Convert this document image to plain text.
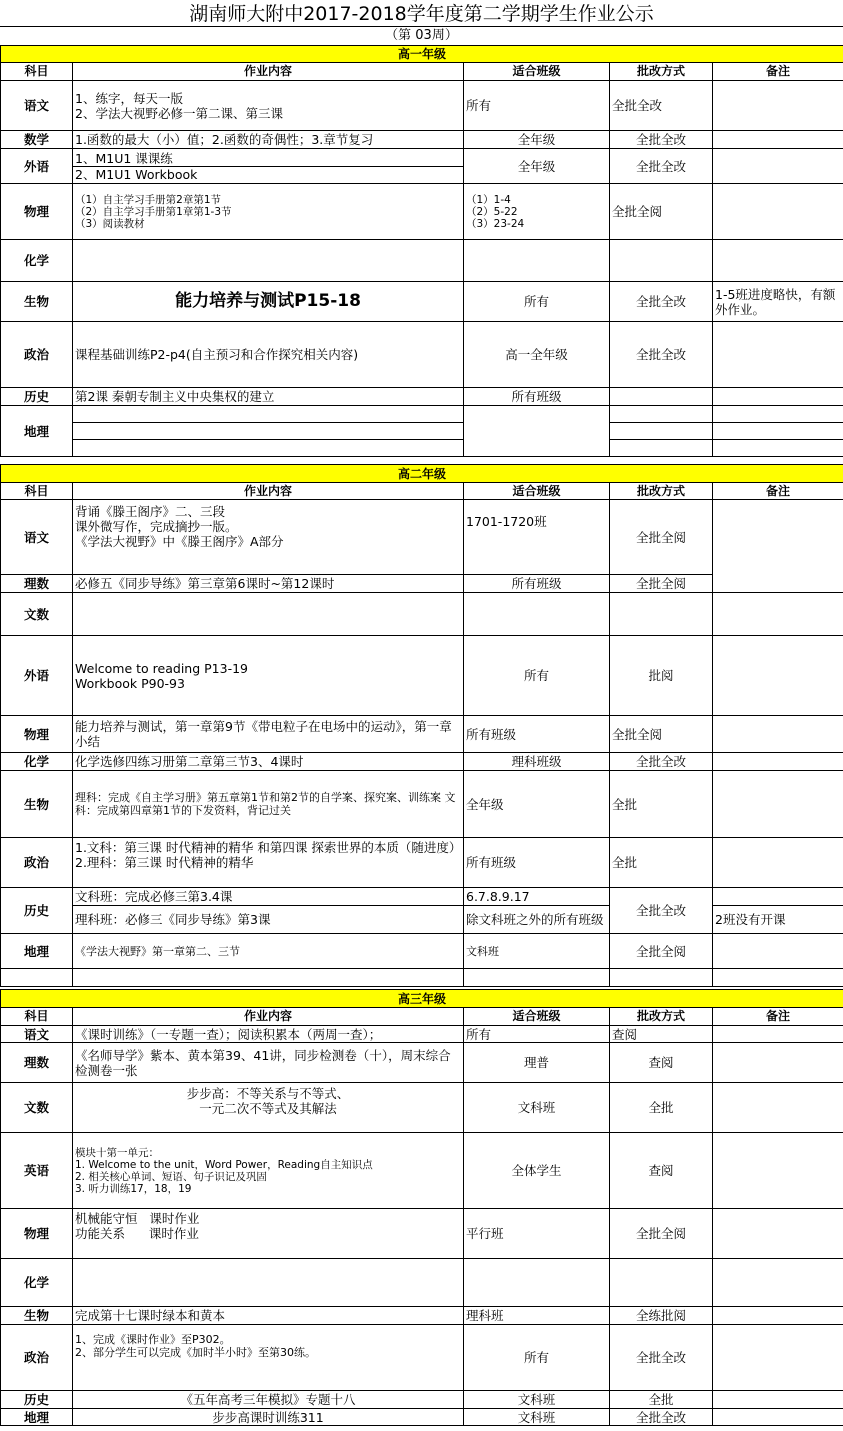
湖南师大附中2017-2018学年度第二学期学生作业公示
（第 03周）
高一年级				
科目	作业内容	适合班级	批改方式	备注
语文	1、练字，每天一版
2、学法大视野必修一第二课、第三课	所有	全批全改	
数学	1.函数的最大（小）值；2.函数的奇偶性；3.章节复习	全年级	全批全改	
外语	1、M1U1 课课练
2、M1U1 Workbook	全年级	全批全改	
物理	（1）自主学习手册第2章第1节
（2）自主学习手册第1章第1-3节
（3）阅读教材	（1）1-4
（2）5-22
（3）23-24	全批全阅	
化学				
生物	能力培养与测试P15-18	所有	全批全改	1-5班进度略快，有额外作业。
政治	课程基础训练P2-p4(自主预习和合作探究相关内容)	高一全年级	全批全改	
历史	第2课 秦朝专制主义中央集权的建立	所有班级		
地理				

高二年级				
科目	作业内容	适合班级	批改方式	备注
语文	背诵《滕王阁序》二、三段
课外微写作，完成摘抄一版。
《学法大视野》中《滕王阁序》A部分	1701-1720班	全批全阅	
理数	必修五《同步导练》第三章第6课时~第12课时	所有班级	全批全阅	
文数				
外语	Welcome to reading P13-19
Workbook P90-93	所有	批阅	
物理	能力培养与测试，第一章第9节《带电粒子在电场中的运动》，第一章小结	所有班级	全批全阅	
化学	化学选修四练习册第二章第三节3、4课时	理科班级	全批全改	
生物	理科：完成《自主学习册》第五章第1节和第2节的自学案、探究案、训练案 文科：完成第四章第1节的下发资料，背记过关	全年级	全批	
政治	1.文科：第三课 时代精神的精华 和第四课 探索世界的本质（随进度）2.理科：第三课 时代精神的精华	所有班级	全批	
历史	文科班：完成必修三第3.4课	6.7.8.9.17	全批全改	
	理科班：必修三《同步导练》第3课	除文科班之外的所有班级		2班没有开课
地理	《学法大视野》第一章第二、三节	文科班	全批全阅	

高三年级				
科目	作业内容	适合班级	批改方式	备注
语文	《课时训练》（一专题一查）；阅读积累本（两周一查）；	所有	查阅	
理数	《名师导学》紫本、黄本第39、41讲，同步检测卷（十），周末综合检测卷一张	理普	查阅	
文数	步步高：不等关系与不等式、
一元二次不等式及其解法	文科班	全批	
英语	模块十第一单元：
1. Welcome to the unit，Word Power，Reading自主知识点
2. 相关核心单词、短语、句子识记及巩固
3. 听力训练17，18，19	全体学生	查阅	
物理	机械能守恒   课时作业
功能关系      课时作业	平行班	全批全阅	
化学				
生物	完成第十七课时绿本和黄本	理科班	全练批阅	
政治	1、完成《课时作业》至P302。
2、部分学生可以完成《加时半小时》至第30练。	所有	全批全改	
历史	《五年高考三年模拟》专题十八	文科班	全批	
地理	步步高课时训练311	文科班	全批全改	
